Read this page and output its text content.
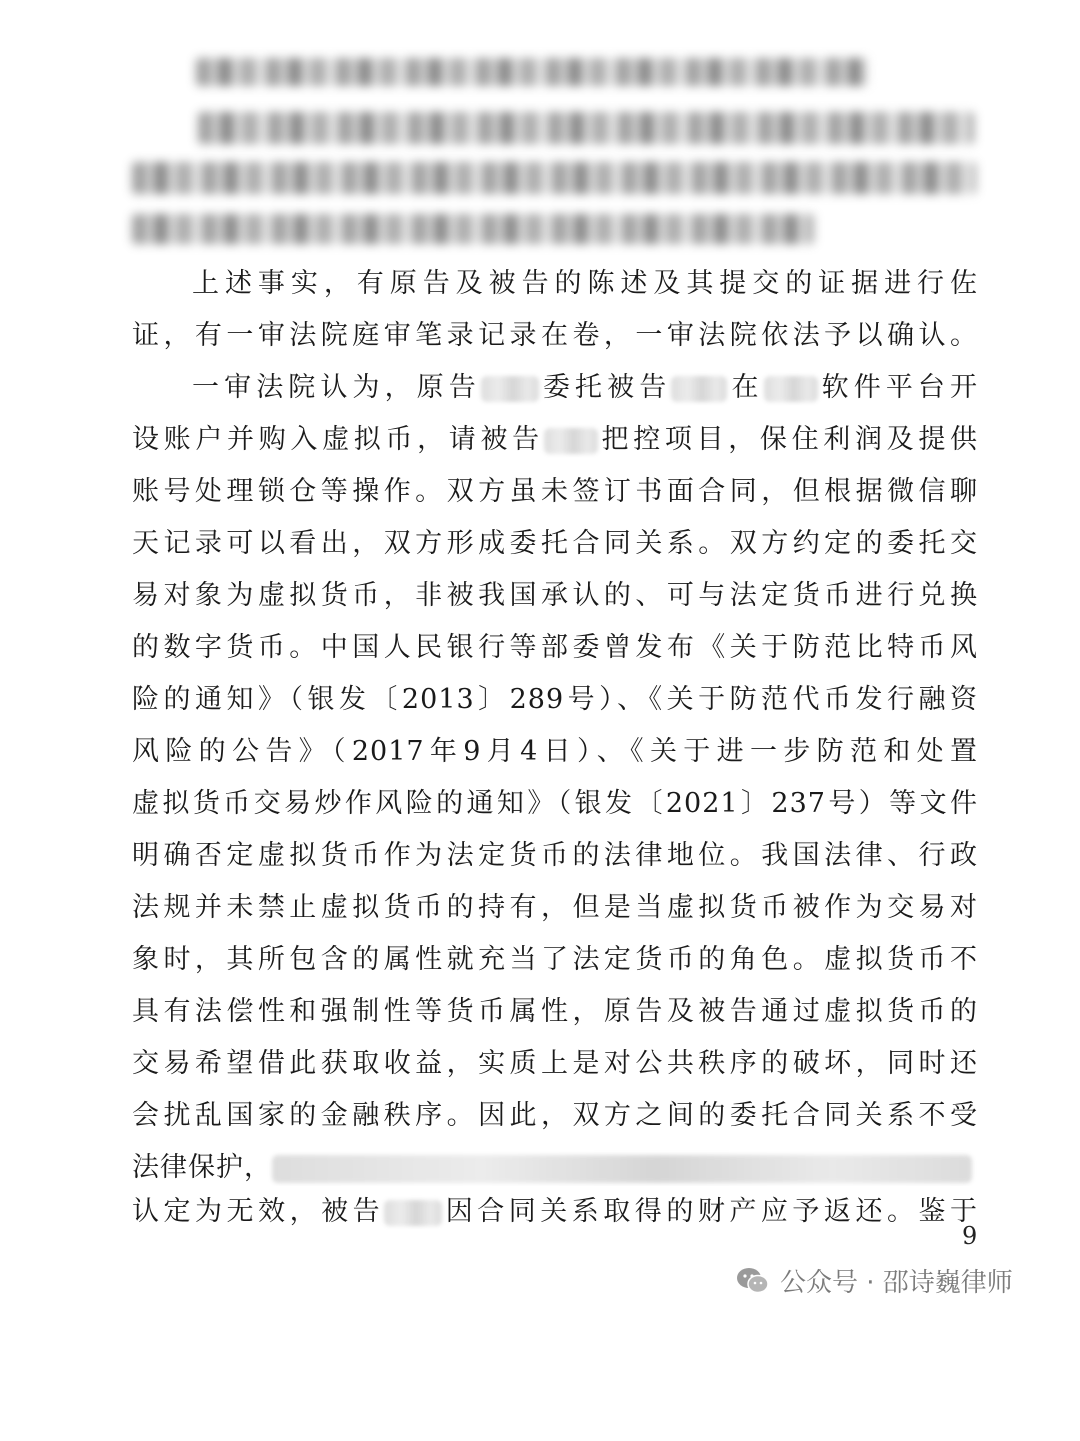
上述事实，有原告及被告的陈述及其提交的证据进行佐
证，有一审法院庭审笔录记录在卷，一审法院依法予以确认。
一审法院认为，原告 委托被告 在 软件平台开
设账户并购入虚拟币，请被告 把控项目，保住利润及提供
账号处理锁仓等操作。双方虽未签订书面合同，但根据微信聊
天记录可以看出，双方形成委托合同关系。双方约定的委托交
易对象为虚拟货币，非被我国承认的、可与法定货币进行兑换
的数字货币。中国人民银行等部委曾发布《关于防范比特币风
险的通知》（银发〔2013〕289号）、《关于防范代币发行融资
风险的公告》（2017年9月4日）、《关于进一步防范和处置
虚拟货币交易炒作风险的通知》（银发〔2021〕237号）等文件
明确否定虚拟货币作为法定货币的法律地位。我国法律、行政
法规并未禁止虚拟货币的持有，但是当虚拟货币被作为交易对
象时，其所包含的属性就充当了法定货币的角色。虚拟货币不
具有法偿性和强制性等货币属性，原告及被告通过虚拟货币的
交易希望借此获取收益，实质上是对公共秩序的破坏，同时还
会扰乱国家的金融秩序。因此，双方之间的委托合同关系不受
法律保护，
认定为无效，被告 因合同关系取得的财产应予返还。鉴于
9
公众号 · 邵诗巍律师
